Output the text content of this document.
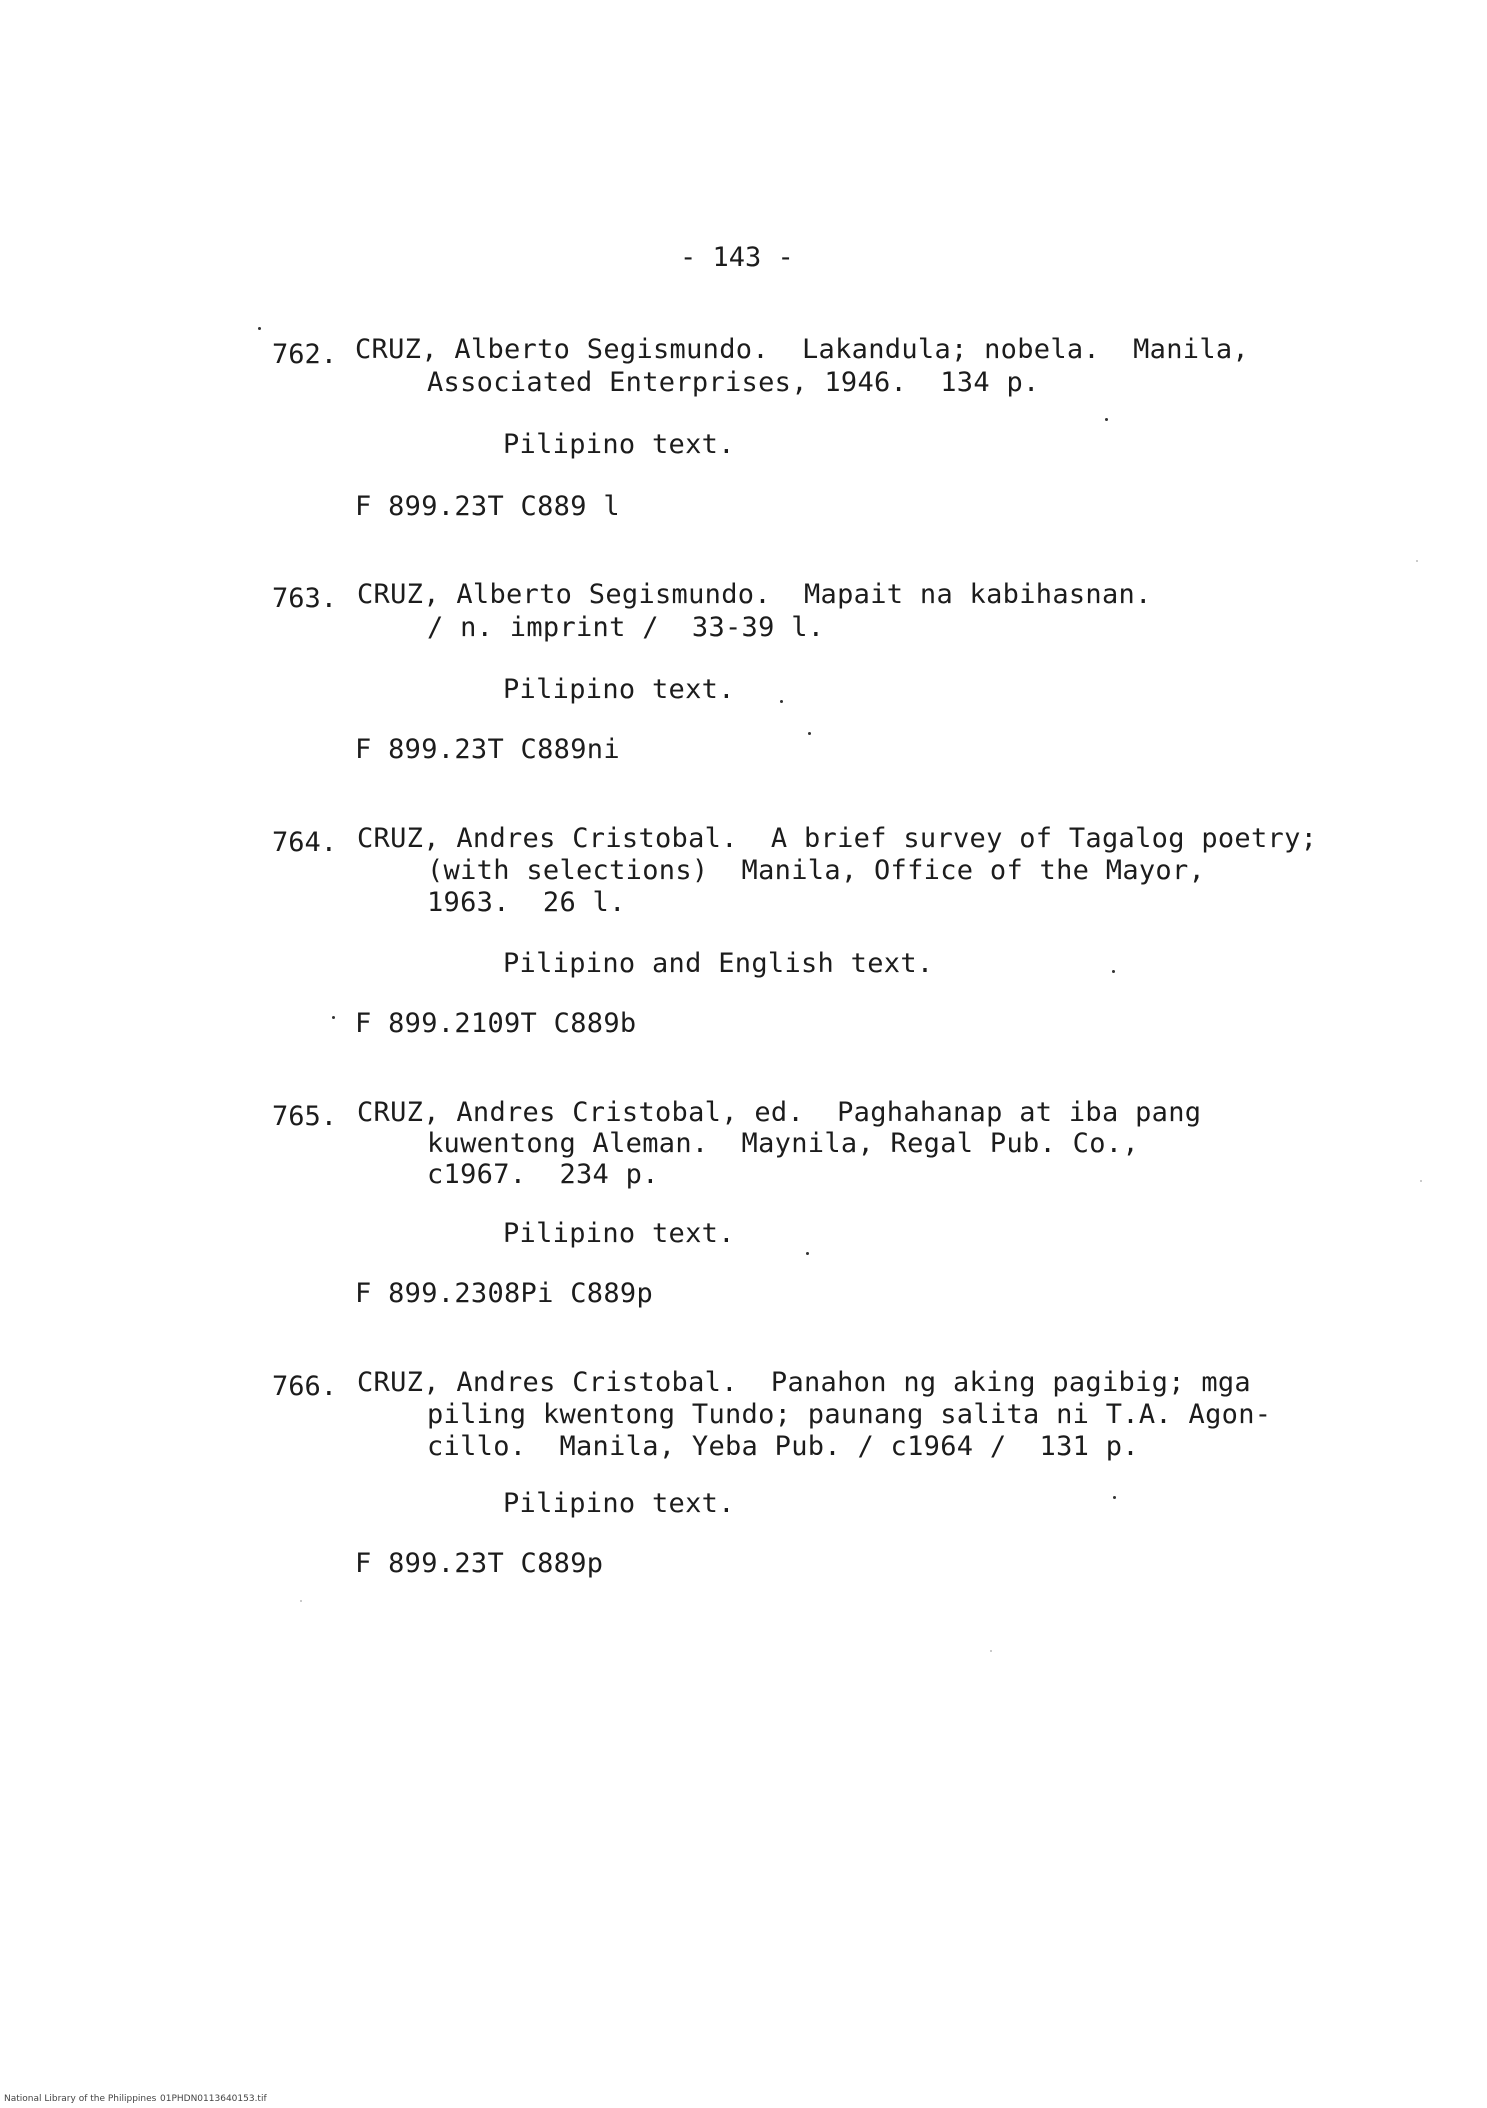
- 143 -
762. CRUZ, Alberto Segismundo.  Lakandula; nobela.  Manila,
Associated Enterprises, 1946.  134 p.
Pilipino text.
F 899.23T C889 l
763. CRUZ, Alberto Segismundo.  Mapait na kabihasnan.
/ n. imprint /  33-39 l.
Pilipino text.
F 899.23T C889ni
764. CRUZ, Andres Cristobal.  A brief survey of Tagalog poetry;
(with selections)  Manila, Office of the Mayor,
1963.  26 l.
Pilipino and English text.
F 899.2109T C889b
765. CRUZ, Andres Cristobal, ed.  Paghahanap at iba pang
kuwentong Aleman.  Maynila, Regal Pub. Co.,
c1967.  234 p.
Pilipino text.
F 899.2308Pi C889p
766. CRUZ, Andres Cristobal.  Panahon ng aking pagibig; mga
piling kwentong Tundo; paunang salita ni T.A. Agon-
cillo.  Manila, Yeba Pub. / c1964 /  131 p.
Pilipino text.
F 899.23T C889p
National Library of the Philippines 01PHDN0113640153.tif
